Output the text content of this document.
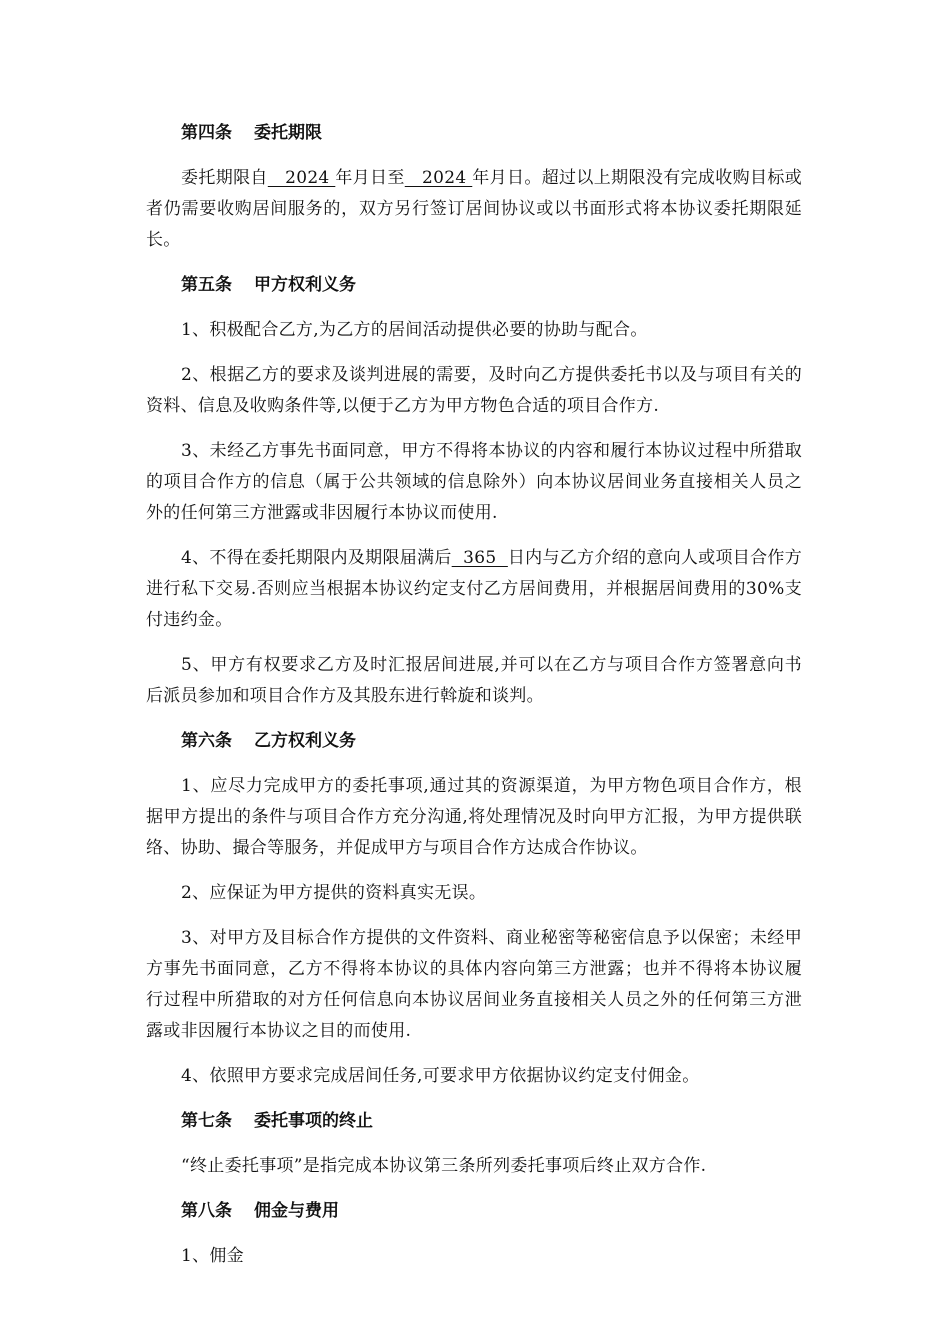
第四条 委托期限

委托期限自   2024 年月日至   2024 年月日。超过以上期限没有完成收购目标或者仍需要收购居间服务的，双方另行签订居间协议或以书面形式将本协议委托期限延长。

第五条 甲方权利义务

1、积极配合乙方,为乙方的居间活动提供必要的协助与配合。

2、根据乙方的要求及谈判进展的需要，及时向乙方提供委托书以及与项目有关的资料、信息及收购条件等,以便于乙方为甲方物色合适的项目合作方.

3、未经乙方事先书面同意，甲方不得将本协议的内容和履行本协议过程中所猎取的项目合作方的信息（属于公共领域的信息除外）向本协议居间业务直接相关人员之外的任何第三方泄露或非因履行本协议而使用.

4、不得在委托期限内及期限届满后  365  日内与乙方介绍的意向人或项目合作方进行私下交易.否则应当根据本协议约定支付乙方居间费用，并根据居间费用的30%支付违约金。

5、甲方有权要求乙方及时汇报居间进展,并可以在乙方与项目合作方签署意向书后派员参加和项目合作方及其股东进行斡旋和谈判。

第六条 乙方权利义务

1、应尽力完成甲方的委托事项,通过其的资源渠道，为甲方物色项目合作方，根据甲方提出的条件与项目合作方充分沟通,将处理情况及时向甲方汇报，为甲方提供联络、协助、撮合等服务，并促成甲方与项目合作方达成合作协议。

2、应保证为甲方提供的资料真实无误。

3、对甲方及目标合作方提供的文件资料、商业秘密等秘密信息予以保密；未经甲方事先书面同意，乙方不得将本协议的具体内容向第三方泄露；也并不得将本协议履行过程中所猎取的对方任何信息向本协议居间业务直接相关人员之外的任何第三方泄露或非因履行本协议之目的而使用.

4、依照甲方要求完成居间任务,可要求甲方依据协议约定支付佣金。

第七条 委托事项的终止

“终止委托事项”是指完成本协议第三条所列委托事项后终止双方合作.

第八条 佣金与费用

1、佣金
